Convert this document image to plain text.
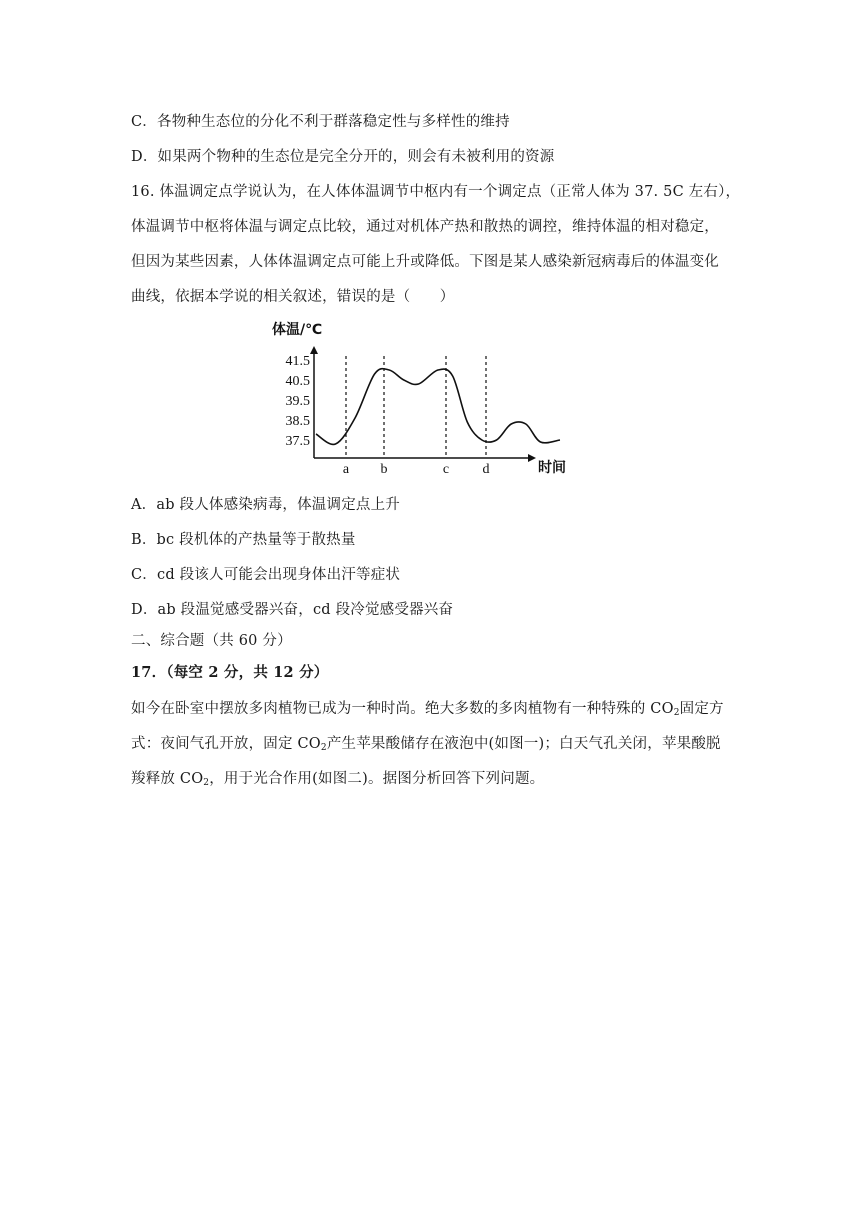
C．各物种生态位的分化不利于群落稳定性与多样性的维持
D．如果两个物种的生态位是完全分开的，则会有未被利用的资源
16. 体温调定点学说认为，在人体体温调节中枢内有一个调定点（正常人体为 37. 5C 左右），
体温调节中枢将体温与调定点比较，通过对机体产热和散热的调控，维持体温的相对稳定，
但因为某些因素，人体体温调定点可能上升或降低。下图是某人感染新冠病毒后的体温变化
曲线，依据本学说的相关叙述，错误的是（　　）
体温/℃
时间
41.5
40.5
39.5
38.5
37.5
a b	c d
A．ab 段人体感染病毒，体温调定点上升
B．bc 段机体的产热量等于散热量
C．cd 段该人可能会出现身体出汗等症状
D．ab 段温觉感受器兴奋，cd 段冷觉感受器兴奋
二、综合题（共 60 分）
17．（每空 2 分，共 12 分）
如今在卧室中摆放多肉植物已成为一种时尚。绝大多数的多肉植物有一种特殊的 $CO_2$固定方
式：夜间气孔开放，固定 $CO_2$产生苹果酸储存在液泡中(如图一)；白天气孔关闭，苹果酸脱
羧释放 $CO_2$，用于光合作用(如图二)。据图分析回答下列问题。
